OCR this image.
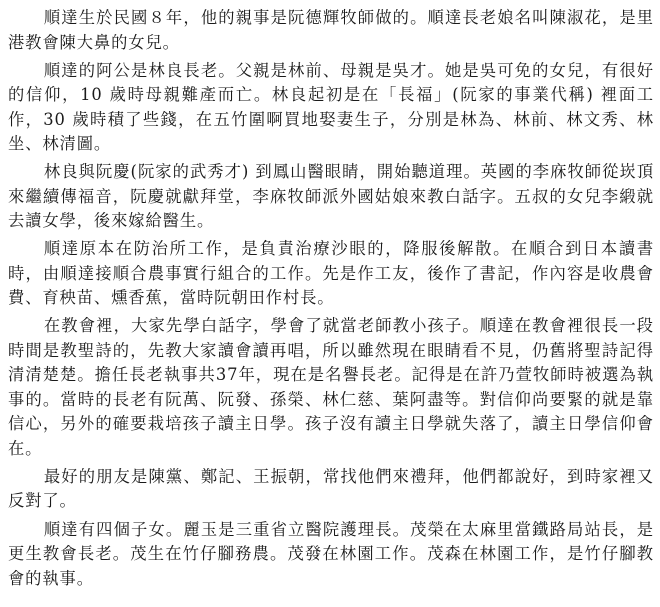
順達生於民國８年，他的親事是阮德輝牧師做的。順達長老娘名叫陳淑花，是里港教會陳大鼻的女兒。

順達的阿公是林良長老。父親是林前、母親是吳才。她是吳可免的女兒，有很好的信仰，10 歲時母親難產而亡。林良起初是在「長福」(阮家的事業代稱) 裡面工作，30 歲時積了些錢，在五竹圍啊買地娶妻生子，分別是林為、林前、林文秀、林坐、林清圖。

林良與阮慶(阮家的武秀才) 到鳳山醫眼睛，開始聽道理。英國的李庥牧師從崁頂來繼續傳福音，阮慶就獻拜堂，李庥牧師派外國姑娘來教白話字。五叔的女兒李緞就去讀女學，後來嫁給醫生。

順達原本在防治所工作，是負責治療沙眼的，降服後解散。在順合到日本讀書時，由順達接順合農事實行組合的工作。先是作工友，後作了書記，作內容是收農會費、育秧苗、燻香蕉，當時阮朝田作村長。

在教會裡，大家先學白話字，學會了就當老師教小孩子。順達在教會裡很長一段時間是教聖詩的，先教大家讀會讀再唱，所以雖然現在眼睛看不見，仍舊將聖詩記得清清楚楚。擔任長老執事共37年，現在是名譽長老。記得是在許乃萱牧師時被選為執事的。當時的長老有阮萬、阮發、孫榮、林仁慈、葉阿盡等。對信仰尚要緊的就是靠信心，另外的確要栽培孩子讀主日學。孩子沒有讀主日學就失落了，讀主日學信仰會在。

最好的朋友是陳黨、鄭記、王振朝，常找他們來禮拜，他們都說好，到時家裡又反對了。

順達有四個子女。麗玉是三重省立醫院護理長。茂榮在太麻里當鐵路局站長，是更生教會長老。茂生在竹仔腳務農。茂發在林園工作。茂森在林園工作，是竹仔腳教會的執事。
